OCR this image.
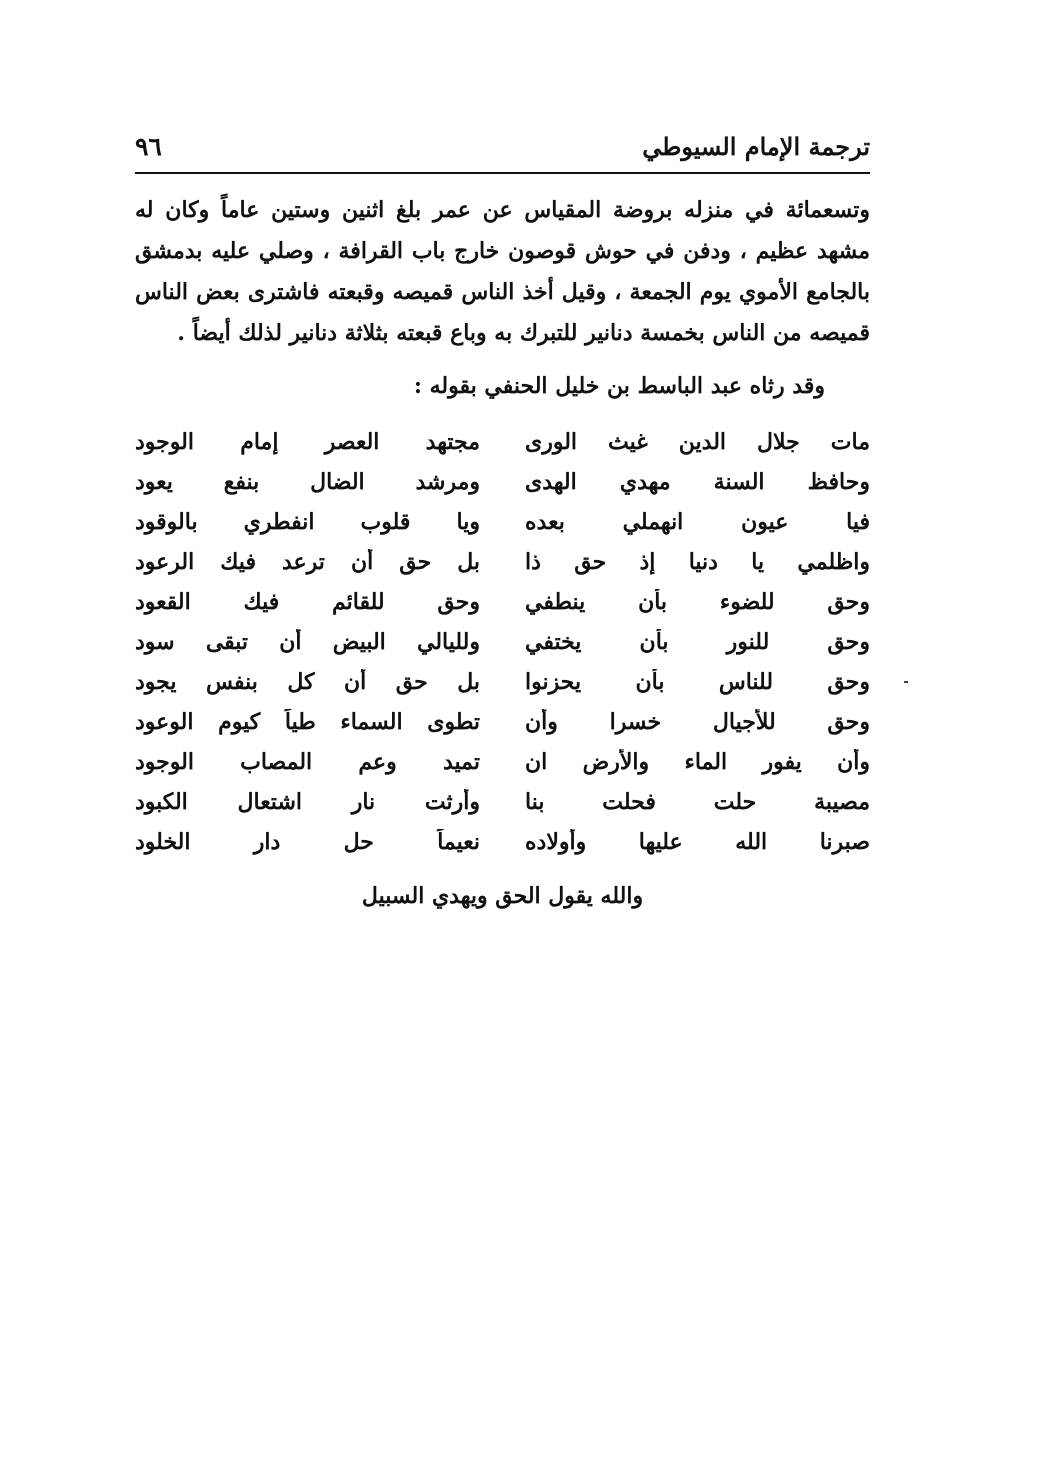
ترجمة الإمام السيوطي
٩٦

وتسعمائة في منزله بروضة المقياس عن عمر بلغ اثنين وستين عاماً وكان له مشهد عظيم ، ودفن في حوش قوصون خارج باب القرافة ، وصلي عليه بدمشق بالجامع الأموي يوم الجمعة ، وقيل أخذ الناس قميصه وقبعته فاشترى بعض الناس قميصه من الناس بخمسة دنانير للتبرك به وباع قبعته بثلاثة دنانير لذلك أيضاً .

وقد رثاه عبد الباسط بن خليل الحنفي بقوله :

مات جلال الدين غيث الورى
مجتهد العصر إمام الوجود
وحافظ السنة مهدي الهدى
ومرشد الضال بنفع يعود
فيا عيون انهملي بعده
ويا قلوب انفطري بالوقود
واظلمي يا دنيا إذ حق ذا
بل حق أن ترعد فيك الرعود
وحق للضوء بأن ينطفي
وحق للقائم فيك القعود
وحق للنور بأن يختفي
ولليالي البيض أن تبقى سود
وحق للناس بأن يحزنوا
بل حق أن كل بنفس يجود
وحق للأجيال خسرا وأن
تطوى السماء طياً كيوم الوعود
وأن يفور الماء والأرض ان
تميد وعم المصاب الوجود
مصيبة حلت فحلت بنا
وأرثت نار اشتعال الكبود
صبرنا الله عليها وأولاده
نعيماً حل دار الخلود

والله يقول الحق ويهدي السبيل
